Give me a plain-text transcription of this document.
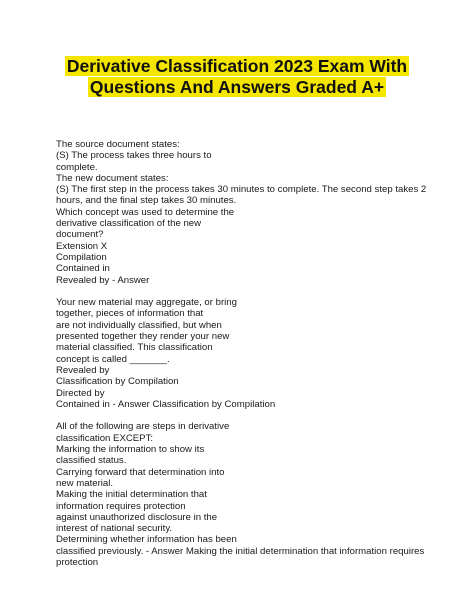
Derivative Classification 2023 Exam With
Questions And Answers Graded A+
The source document states:
(S) The process takes three hours to
complete.
The new document states:
(S) The first step in the process takes 30 minutes to complete. The second step takes 2
hours, and the final step takes 30 minutes.
Which concept was used to determine the
derivative classification of the new
document?
Extension X
Compilation
Contained in
Revealed by - Answer
Your new material may aggregate, or bring
together, pieces of information that
are not individually classified, but when
presented together they render your new
material classified. This classification
concept is called _______.
Revealed by
Classification by Compilation
Directed by
Contained in - Answer Classification by Compilation
All of the following are steps in derivative
classification EXCEPT:
Marking the information to show its
classified status.
Carrying forward that determination into
new material.
Making the initial determination that
information requires protection
against unauthorized disclosure in the
interest of national security.
Determining whether information has been
classified previously. - Answer Making the initial determination that information requires
protection
